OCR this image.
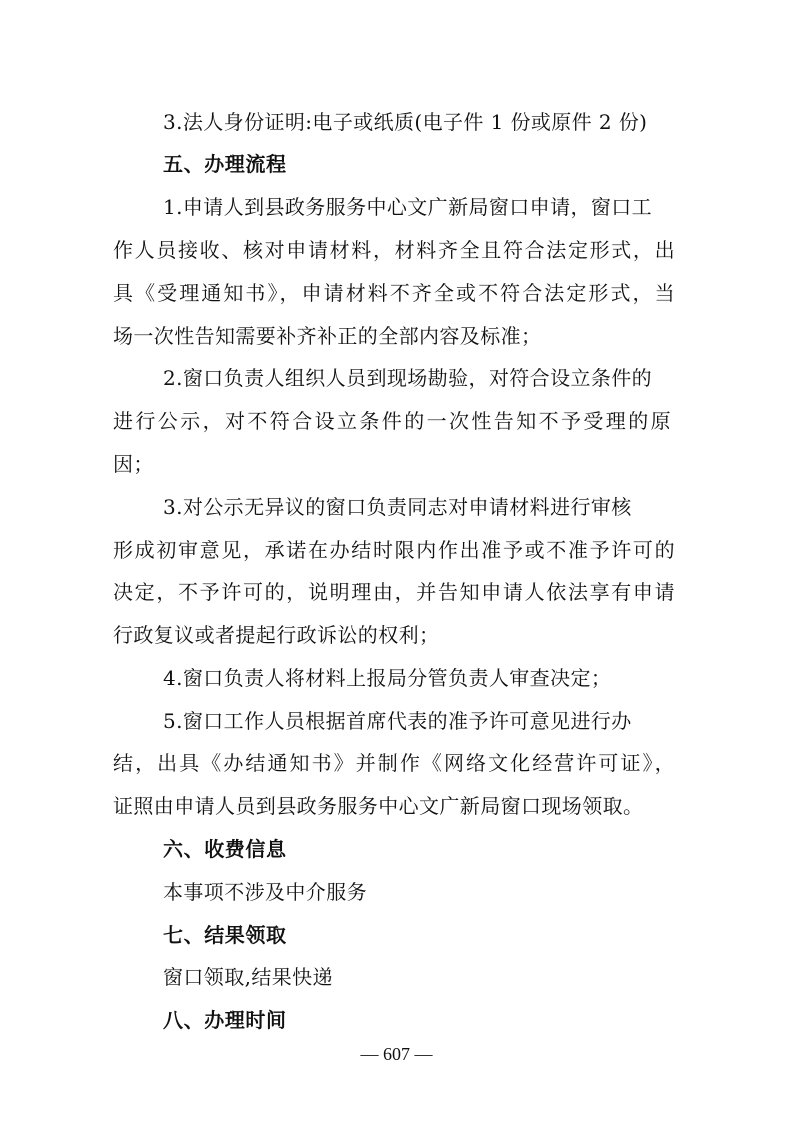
3.法人身份证明:电子或纸质(电子件 1 份或原件 2 份)
五、办理流程
1.申请人到县政务服务中心文广新局窗口申请，窗口工
作人员接收、核对申请材料，材料齐全且符合法定形式，出
具《受理通知书》，申请材料不齐全或不符合法定形式，当
场一次性告知需要补齐补正的全部内容及标准；
2.窗口负责人组织人员到现场勘验，对符合设立条件的
进行公示，对不符合设立条件的一次性告知不予受理的原
因；
3.对公示无异议的窗口负责同志对申请材料进行审核
形成初审意见，承诺在办结时限内作出准予或不准予许可的
决定，不予许可的，说明理由，并告知申请人依法享有申请
行政复议或者提起行政诉讼的权利；
4.窗口负责人将材料上报局分管负责人审查决定；
5.窗口工作人员根据首席代表的准予许可意见进行办
结，出具《办结通知书》并制作《网络文化经营许可证》，
证照由申请人员到县政务服务中心文广新局窗口现场领取。
六、收费信息
本事项不涉及中介服务
七、结果领取
窗口领取,结果快递
八、办理时间
— 607 —
